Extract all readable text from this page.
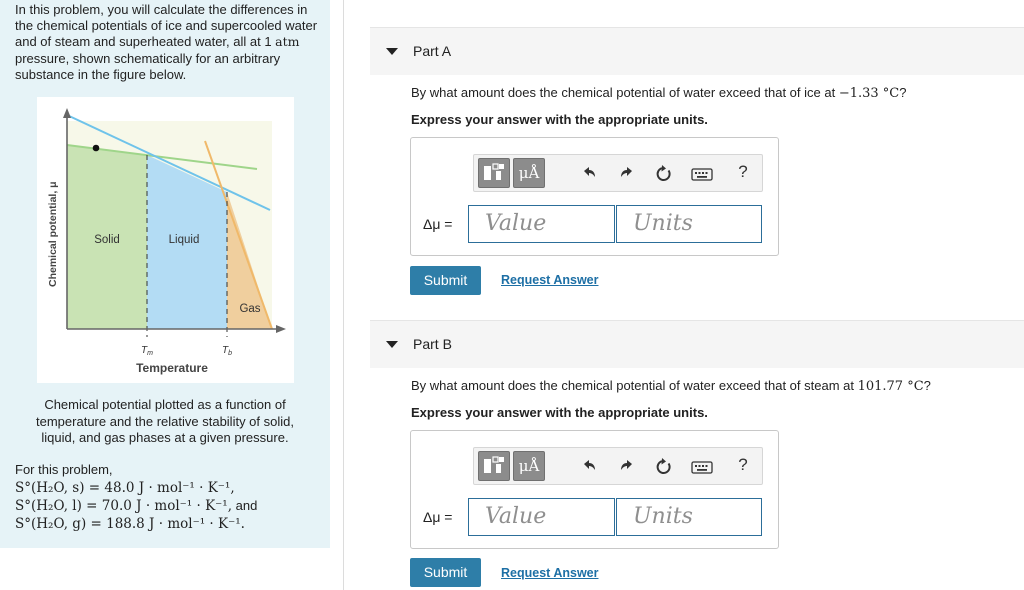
In this problem, you will calculate the differences in the chemical potentials of ice and supercooled water and of steam and superheated water, all at 1 atm pressure, shown schematically for an arbitrary substance in the figure below.
Solid	Liquid
Gas
$T_m$	$T_b$
Temperature
Chemical potential, μ
Chemical potential plotted as a function of temperature and the relative stability of solid, liquid, and gas phases at a given pressure.
For this problem,
S°(H₂O, s) = 48.0 J · mol⁻¹ · K⁻¹,
S°(H₂O, l) = 70.0 J · mol⁻¹ · K⁻¹, and
S°(H₂O, g) = 188.8 J · mol⁻¹ · K⁻¹.
Part A
By what amount does the chemical potential of water exceed that of ice at −1.33 °C?
Express your answer with the appropriate units.
μÅ	?
Δμ =	Value	Units
Submit	Request Answer
Part B
By what amount does the chemical potential of water exceed that of steam at 101.77 °C?
Express your answer with the appropriate units.
μÅ	?
Δμ =	Value	Units
Submit	Request Answer
